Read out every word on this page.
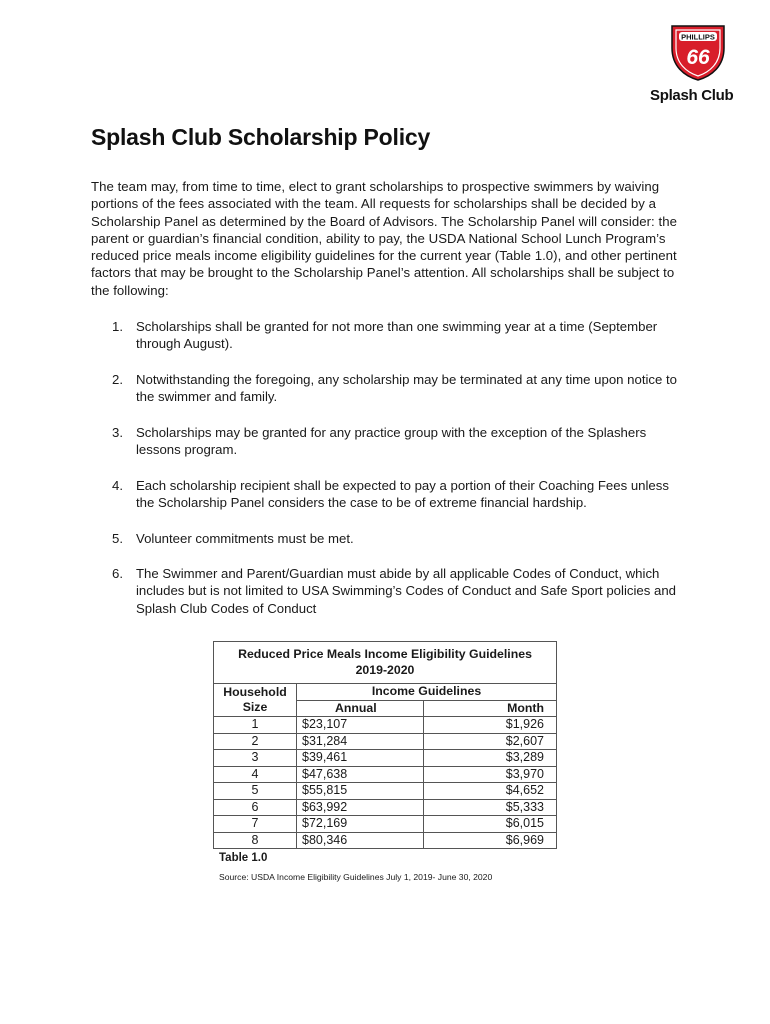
PHILLIPS
66
Splash Club
Splash Club Scholarship Policy

The team may, from time to time, elect to grant scholarships to prospective swimmers by waiving portions of the fees associated with the team. All requests for scholarships shall be decided by a Scholarship Panel as determined by the Board of Advisors. The Scholarship Panel will consider: the parent or guardian’s financial condition, ability to pay, the USDA National School Lunch Program’s reduced price meals income eligibility guidelines for the current year (Table 1.0), and other pertinent factors that may be brought to the Scholarship Panel’s attention. All scholarships shall be subject to the following:

1. Scholarships shall be granted for not more than one swimming year at a time (September through August).
2. Notwithstanding the foregoing, any scholarship may be terminated at any time upon notice to the swimmer and family.
3. Scholarships may be granted for any practice group with the exception of the Splashers lessons program.
4. Each scholarship recipient shall be expected to pay a portion of their Coaching Fees unless the Scholarship Panel considers the case to be of extreme financial hardship.
5. Volunteer commitments must be met.
6. The Swimmer and Parent/Guardian must abide by all applicable Codes of Conduct, which includes but is not limited to USA Swimming’s Codes of Conduct and Safe Sport policies and Splash Club Codes of Conduct
Reduced Price Meals Income Eligibility Guidelines
2019-2020		

Household
Size	Income Guidelines	
	Annual	Month
1	$23,107	$1,926
2	$31,284	$2,607
3	$39,461	$3,289
4	$47,638	$3,970
5	$55,815	$4,652
6	$63,992	$5,333
7	$72,169	$6,015
8	$80,346	$6,969
Table 1.0
Source: USDA Income Eligibility Guidelines July 1, 2019- June 30, 2020
